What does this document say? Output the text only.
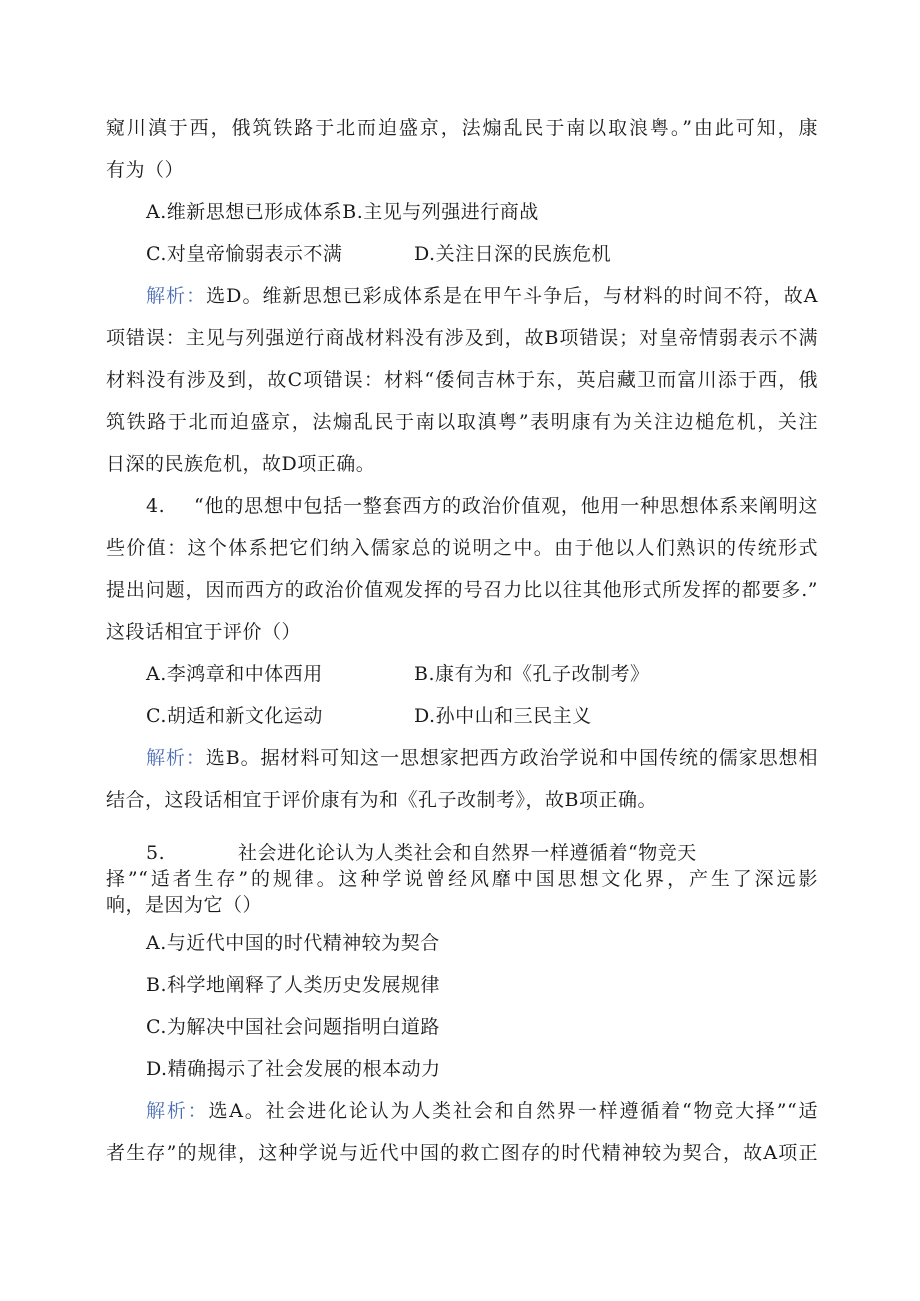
窥川滇于西，俄筑铁路于北而迫盛京，法煽乱民于南以取浪粤。”由此可知，康
有为（）
A.维新思想已形成体系B.主见与列强进行商战
C.对皇帝愉弱表示不满	D.关注日深的民族危机
解析：选D。维新思想已彩成体系是在甲午斗争后，与材料的时间不符，故A
项错误：主见与列强逆行商战材料没有涉及到，故B项错误；对皇帝情弱表示不满
材料没有涉及到，故C项错误：材料“倭伺吉林于东，英启藏卫而富川添于西，俄
筑铁路于北而迫盛京，法煽乱民于南以取滇粤”表明康有为关注边槌危机，关注
日深的民族危机，故D项正确。
4. “他的思想中包括一整套西方的政治价值观，他用一种思想体系来阐明这
些价值：这个体系把它们纳入儒家总的说明之中。由于他以人们熟识的传统形式
提出问题，因而西方的政治价值观发挥的号召力比以往其他形式所发挥的都要多.”
这段话相宜于评价（）
A.李鸿章和中体西用	B.康有为和《孔子改制考》
C.胡适和新文化运动	D.孙中山和三民主义
解析：选B。据材料可知这一思想家把西方政治学说和中国传统的儒家思想相
结合，这段话相宜于评价康有为和《孔子改制考》，故B项正确。
5.	社会进化论认为人类社会和自然界一样遵循着“物竞天
择”“适者生存”的规律。这种学说曾经风靡中国思想文化界，产生了深远影
响，是因为它（）
A.与近代中国的时代精神较为契合
B.科学地阐释了人类历史发展规律
C.为解决中国社会问题指明白道路
D.精确揭示了社会发展的根本动力
解析：选A。社会进化论认为人类社会和自然界一样遵循着“物竞大择”“适
者生存”的规律，这种学说与近代中国的救亡图存的时代精神较为契合，故A项正
